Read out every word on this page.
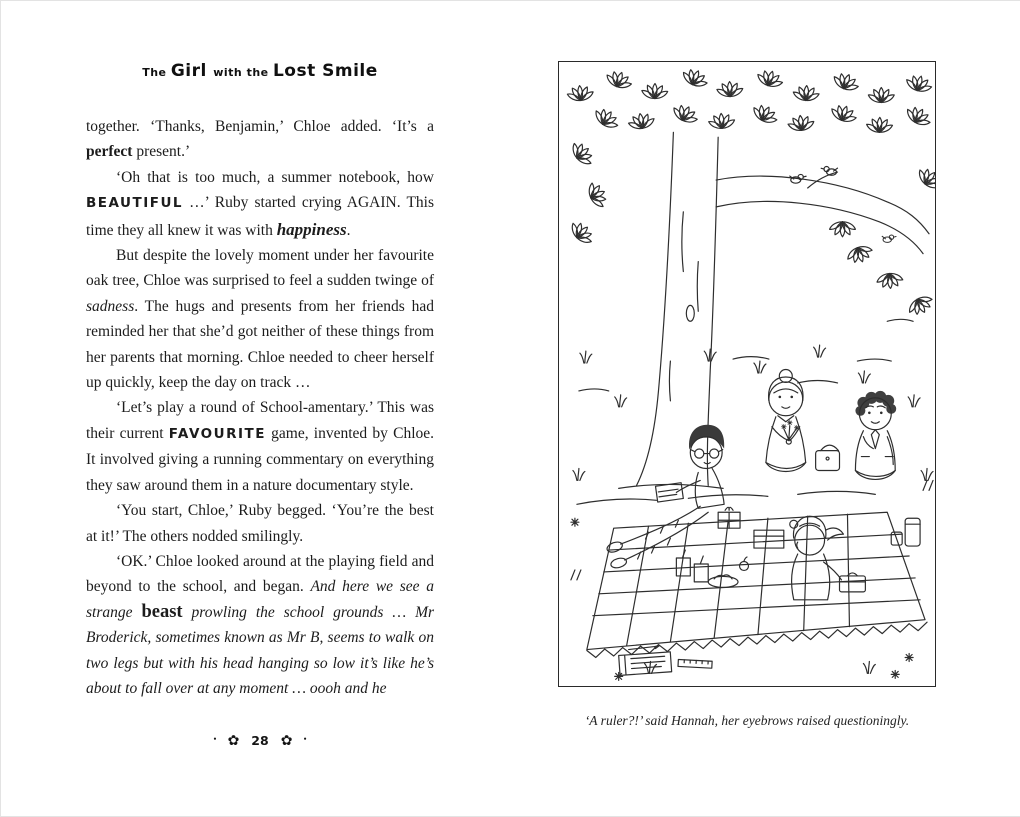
The Girl with the Lost Smile

together. ‘Thanks, Benjamin,’ Chloe added. ‘It’s a perfect present.’

‘Oh that is too much, a summer notebook, how BEAUTIFUL …’ Ruby started crying AGAIN. This time they all knew it was with happiness.

But despite the lovely moment under her favourite oak tree, Chloe was surprised to feel a sudden twinge of sadness. The hugs and presents from her friends had reminded her that she’d got neither of these things from her parents that morning. Chloe needed to cheer herself up quickly, keep the day on track …

‘Let’s play a round of School-amentary.’ This was their current FAVOURITE game, invented by Chloe. It involved giving a running commentary on everything they saw around them in a nature documentary style.

‘You start, Chloe,’ Ruby begged. ‘You’re the best at it!’ The others nodded smilingly.

‘OK.’ Chloe looked around at the playing field and beyond to the school, and began. And here we see a strange beast prowling the school grounds … Mr Broderick, sometimes known as Mr B, seems to walk on two legs but with his head hanging so low it’s like he’s about to fall over at any moment … oooh and he

• ✿ 28 ✿ •
‘A ruler?!’ said Hannah, her eyebrows raised questioningly.
